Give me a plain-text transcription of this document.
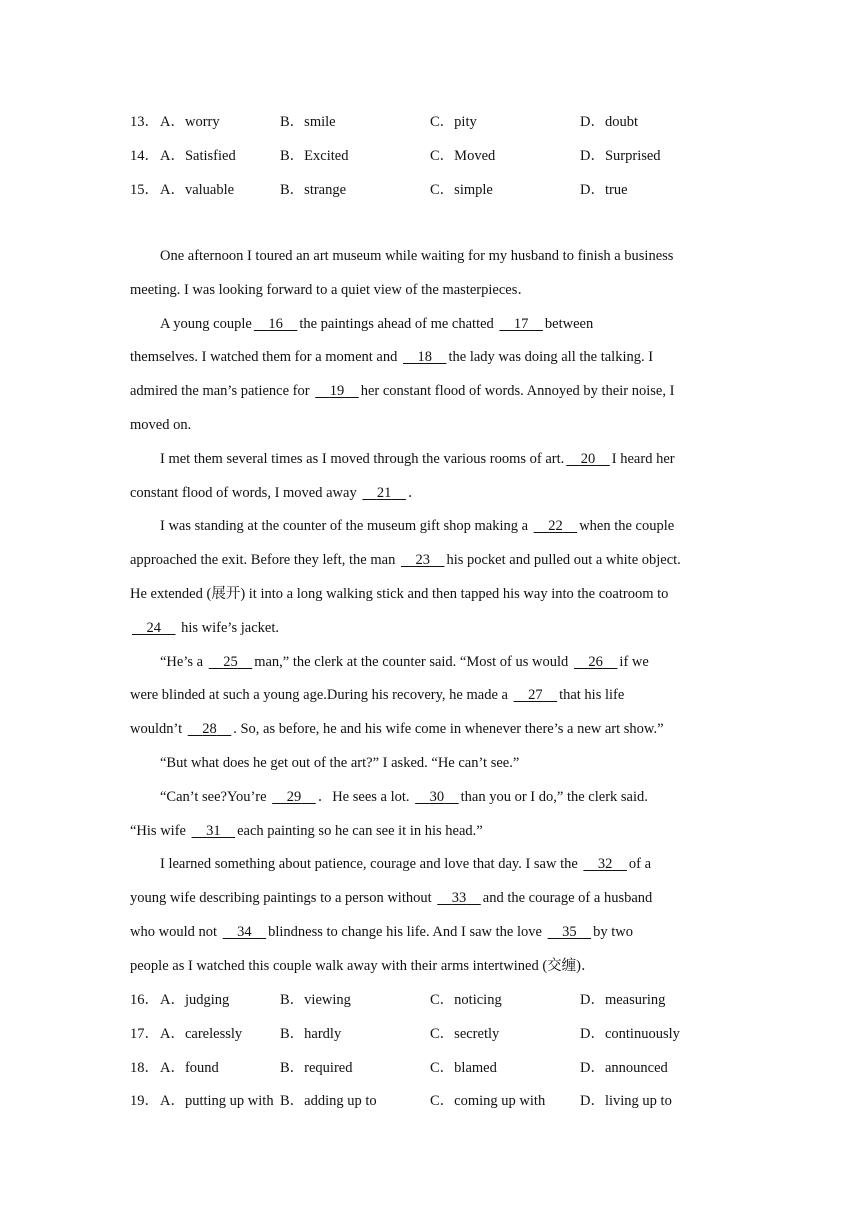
13． A．worry	B．smile	C．pity	D．doubt
14． A．Satisfied	B．Excited	C．Moved	D．Surprised
15． A．valuable	B．strange	C．simple	D．true
One afternoon I toured an art museum while waiting for my husband to finish a business
meeting. I was looking forward to a quiet view of the masterpieces．
A young couple 16 the paintings ahead of me chatted 17 between
themselves. I watched them for a moment and 18 the lady was doing all the talking. I
admired the man’s patience for 19 her constant flood of words. Annoyed by their noise, I
moved on.
I met them several times as I moved through the various rooms of art. 20 I heard her
constant flood of words, I moved away 21 ．
I was standing at the counter of the museum gift shop making a 22 when the couple
approached the exit. Before they left, the man 23 his pocket and pulled out a white object.
He extended (展开) it into a long walking stick and then tapped his way into the coatroom to
24 his wife’s jacket.
“He’s a 25 man,” the clerk at the counter said. “Most of us would 26 if we
were blinded at such a young age.During his recovery, he made a 27 that his life
wouldn’t 28 . So, as before, he and his wife come in whenever there’s a new art show.”
“But what does he get out of the art?” I asked. “He can’t see.”
“Can’t see?You’re 29 ．He sees a lot. 30 than you or I do,” the clerk said.
“His wife 31 each painting so he can see it in his head.”
I learned something about patience, courage and love that day. I saw the 32 of a
young wife describing paintings to a person without 33 and the courage of a husband
who would not 34 blindness to change his life. And I saw the love 35 by two
people as I watched this couple walk away with their arms intertwined (交缠)．
16． A．judging	B．viewing	C．noticing	D．measuring
17． A．carelessly	B．hardly	C．secretly	D．continuously
18． A．found	B．required	C．blamed	D．announced
19． A．putting up with B．adding up to	C．coming up with D．living up to
